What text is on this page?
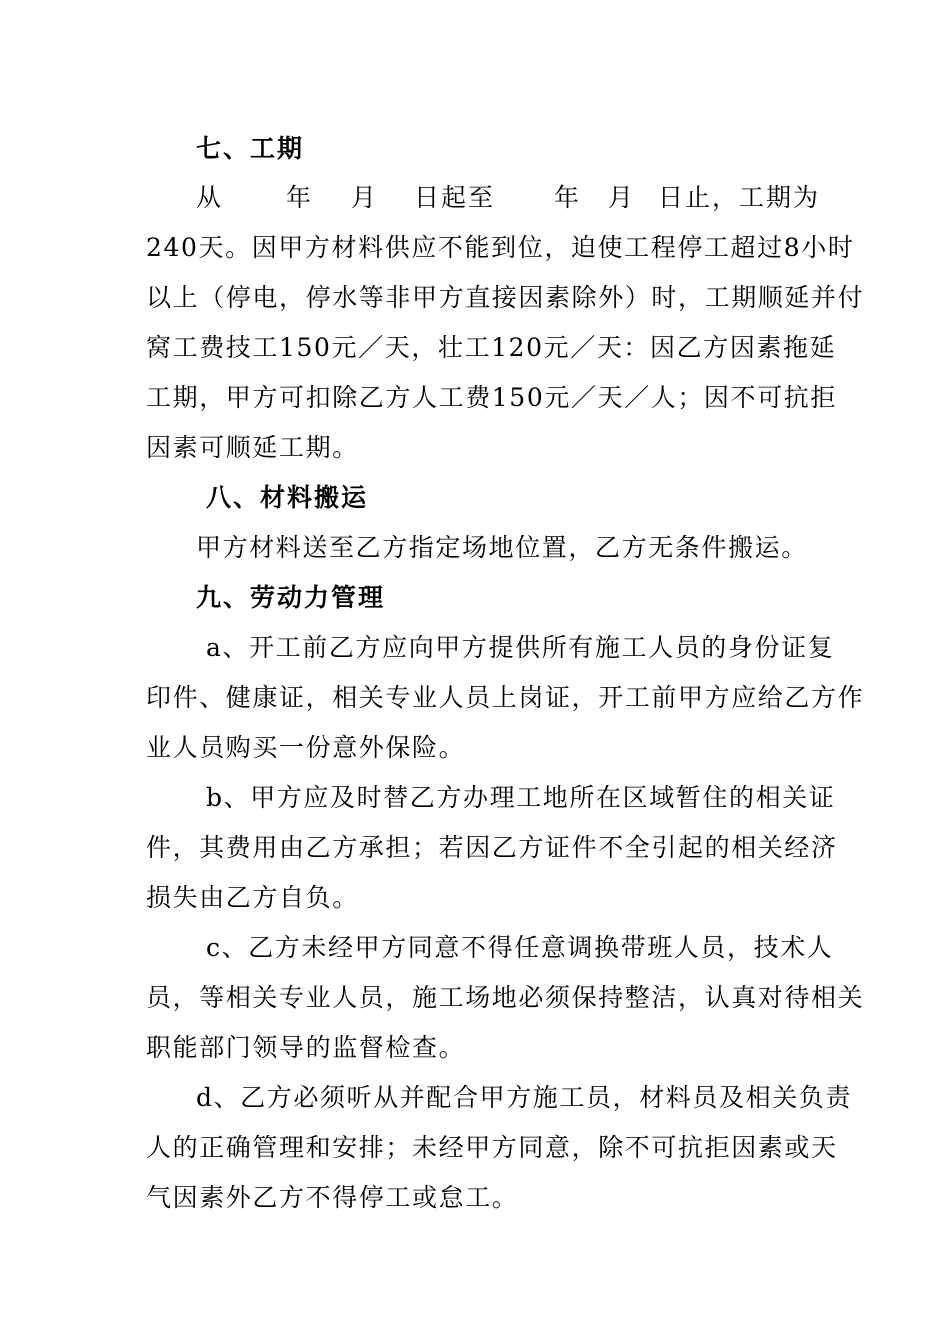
七、工期
从	年 月 日起至 年 月 日止，工期为
240天。因甲方材料供应不能到位，迫使工程停工超过8小时
以上（停电，停水等非甲方直接因素除外）时，工期顺延并付
窝工费技工150元／天，壮工120元／天：因乙方因素拖延
工期，甲方可扣除乙方人工费150元／天／人；因不可抗拒
因素可顺延工期。
八、材料搬运
甲方材料送至乙方指定场地位置，乙方无条件搬运。
九、劳动力管理
a、开工前乙方应向甲方提供所有施工人员的身份证复
印件、健康证，相关专业人员上岗证，开工前甲方应给乙方作
业人员购买一份意外保险。
b、甲方应及时替乙方办理工地所在区域暂住的相关证
件，其费用由乙方承担；若因乙方证件不全引起的相关经济
损失由乙方自负。
c、乙方未经甲方同意不得任意调换带班人员，技术人
员，等相关专业人员，施工场地必须保持整洁，认真对待相关
职能部门领导的监督检查。
d、乙方必须听从并配合甲方施工员，材料员及相关负责
人的正确管理和安排；未经甲方同意，除不可抗拒因素或天
气因素外乙方不得停工或怠工。
